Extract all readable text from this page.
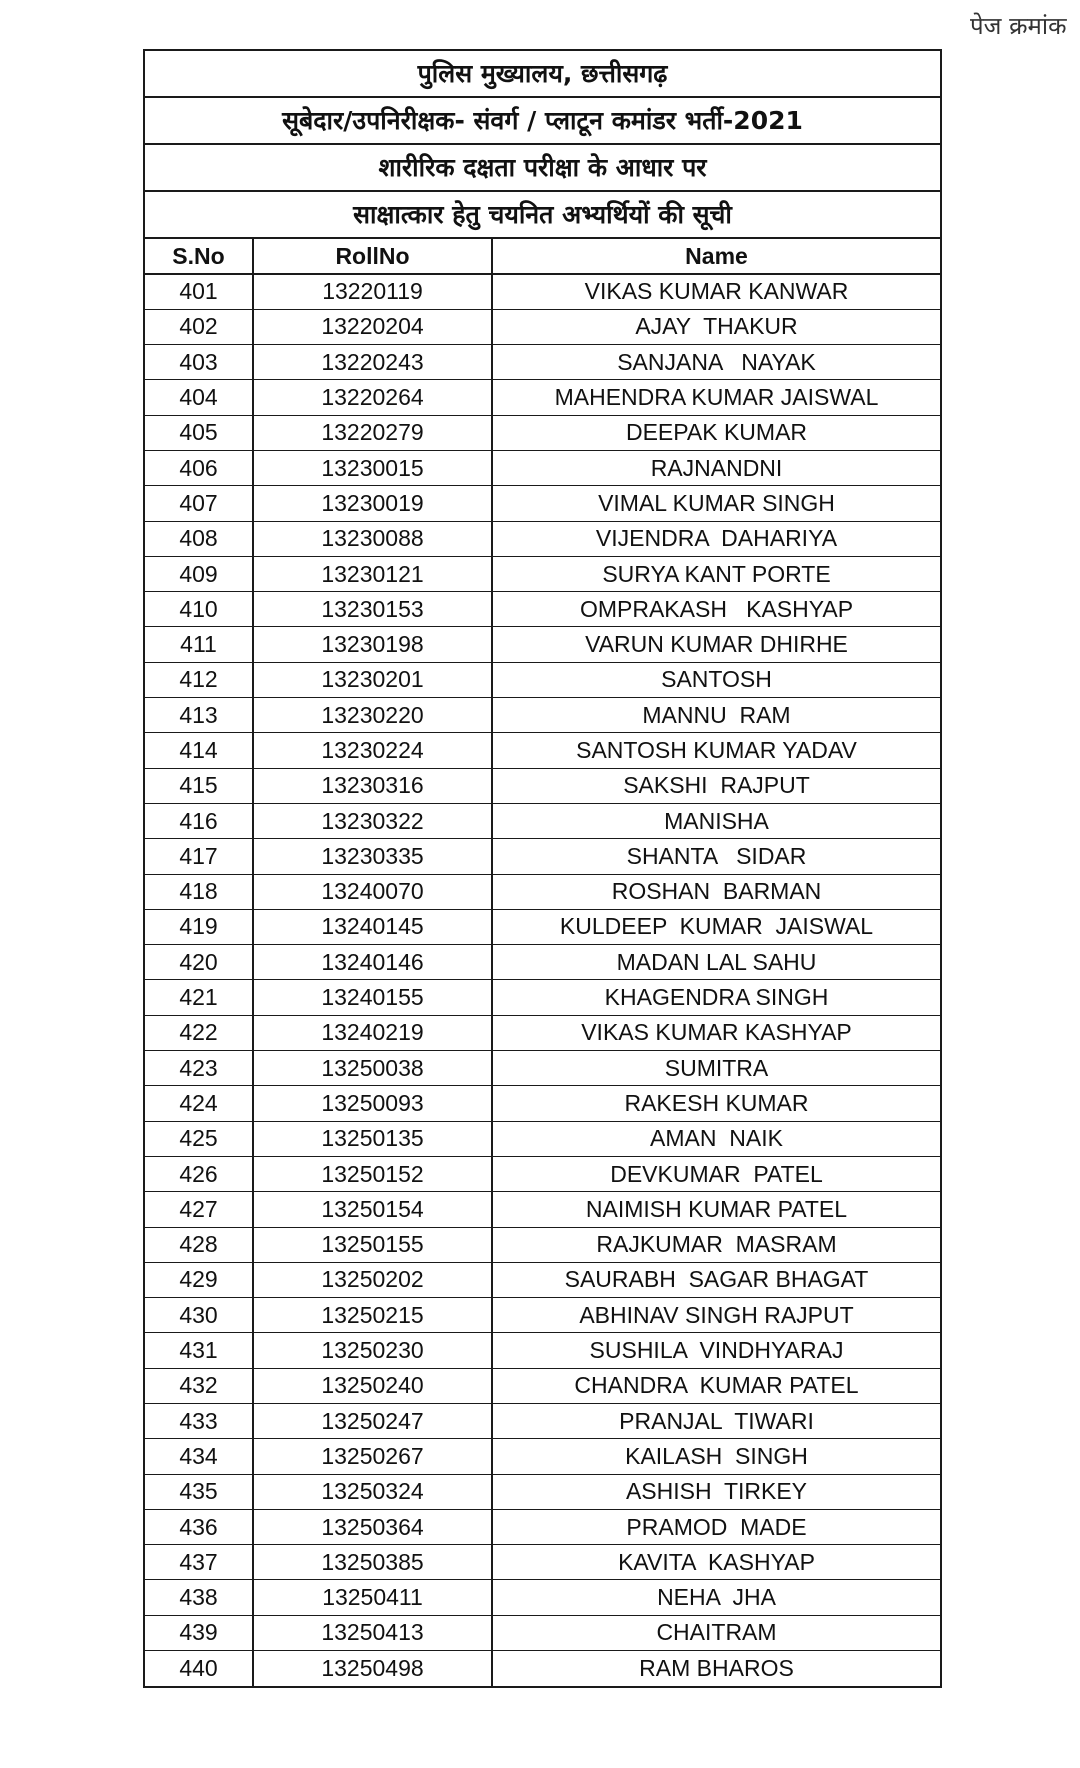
पेज क्रमांक
पुलिस मुख्यालय, छत्तीसगढ़
सूबेदार/उपनिरीक्षक- संवर्ग / प्लाटून कमांडर भर्ती-2021
शारीरिक दक्षता परीक्षा के आधार पर
साक्षात्कार हेतु चयनित अभ्यर्थियों की सूची
S.No	RollNo	Name
401	13220119	VIKAS KUMAR KANWAR
402	13220204	AJAY  THAKUR
403	13220243	SANJANA   NAYAK
404	13220264	MAHENDRA KUMAR JAISWAL
405	13220279	DEEPAK KUMAR
406	13230015	RAJNANDNI
407	13230019	VIMAL KUMAR SINGH
408	13230088	VIJENDRA  DAHARIYA
409	13230121	SURYA KANT PORTE
410	13230153	OMPRAKASH   KASHYAP
411	13230198	VARUN KUMAR DHIRHE
412	13230201	SANTOSH
413	13230220	MANNU  RAM
414	13230224	SANTOSH KUMAR YADAV
415	13230316	SAKSHI  RAJPUT
416	13230322	MANISHA
417	13230335	SHANTA   SIDAR
418	13240070	ROSHAN  BARMAN
419	13240145	KULDEEP  KUMAR  JAISWAL
420	13240146	MADAN LAL SAHU
421	13240155	KHAGENDRA SINGH
422	13240219	VIKAS KUMAR KASHYAP
423	13250038	SUMITRA
424	13250093	RAKESH KUMAR
425	13250135	AMAN  NAIK
426	13250152	DEVKUMAR  PATEL
427	13250154	NAIMISH KUMAR PATEL
428	13250155	RAJKUMAR  MASRAM
429	13250202	SAURABH  SAGAR BHAGAT
430	13250215	ABHINAV SINGH RAJPUT
431	13250230	SUSHILA  VINDHYARAJ
432	13250240	CHANDRA  KUMAR PATEL
433	13250247	PRANJAL  TIWARI
434	13250267	KAILASH  SINGH
435	13250324	ASHISH  TIRKEY
436	13250364	PRAMOD  MADE
437	13250385	KAVITA  KASHYAP
438	13250411	NEHA  JHA
439	13250413	CHAITRAM
440	13250498	RAM BHAROS
